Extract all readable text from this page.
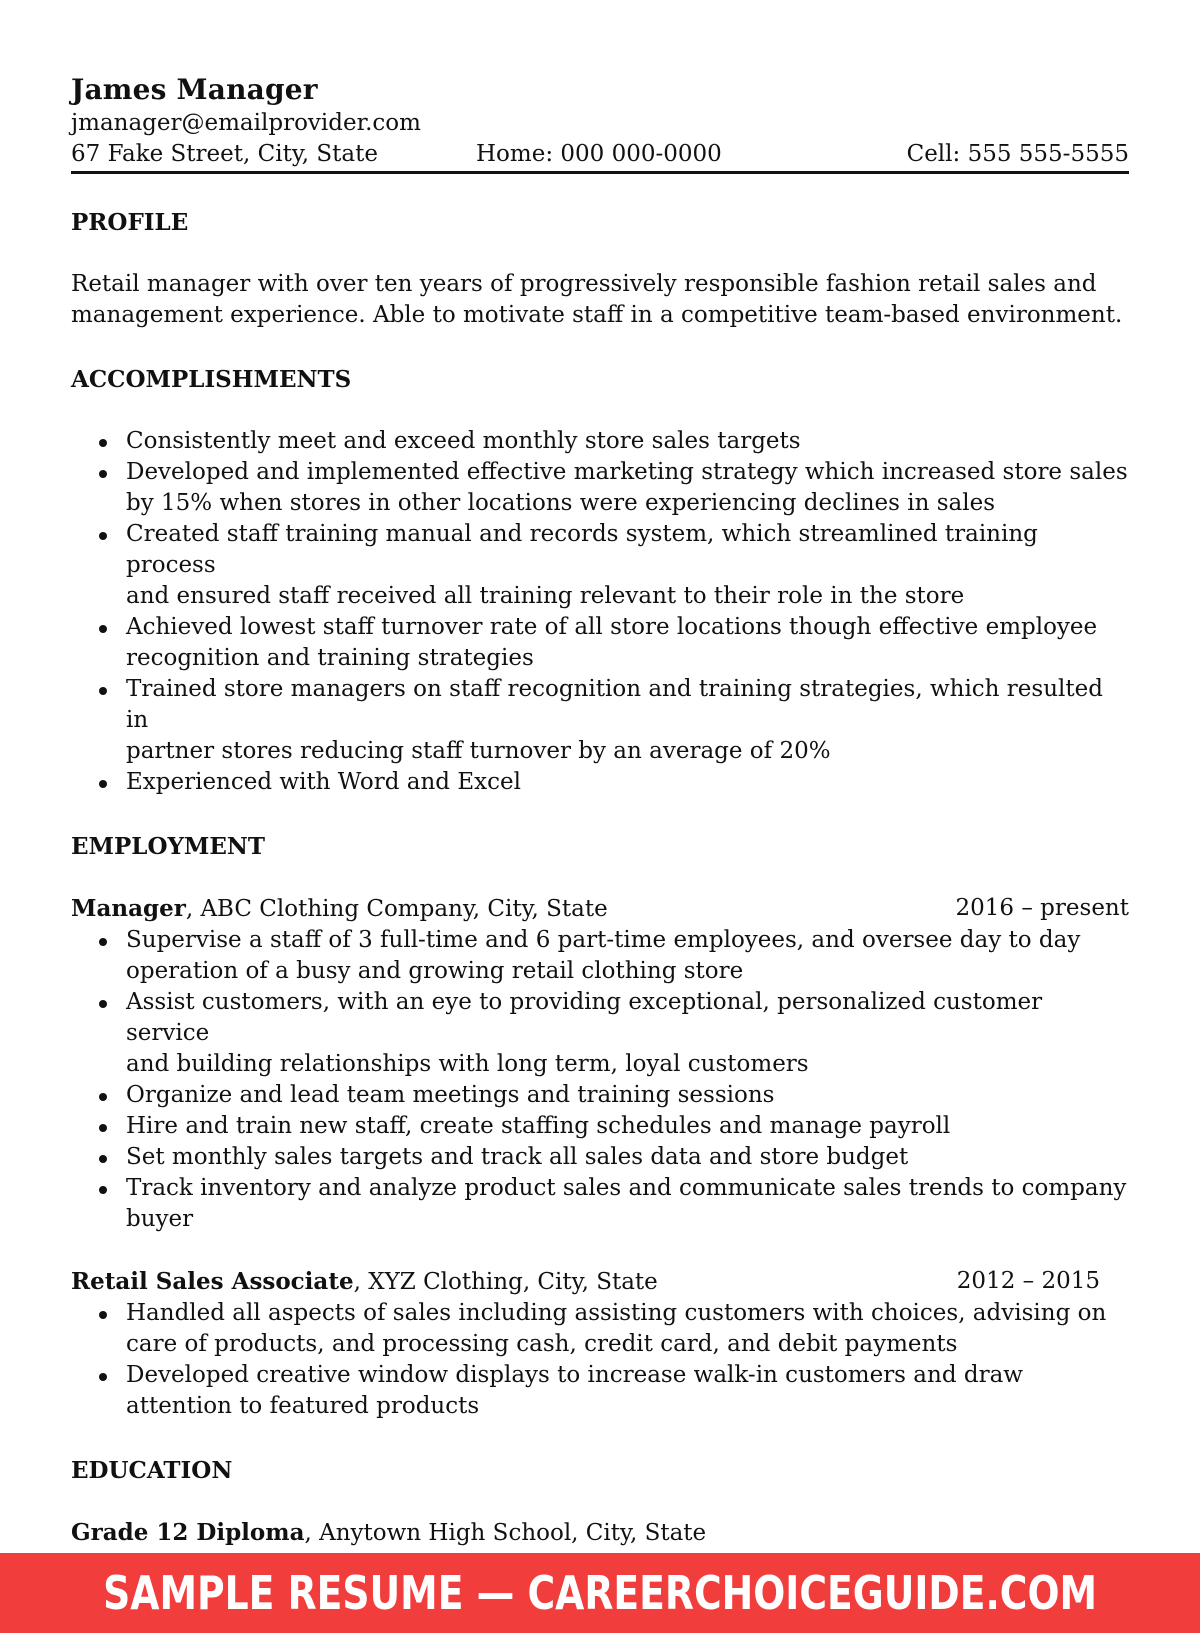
James Manager
jmanager@emailprovider.com
67 Fake Street, City, State	Home: 000 000-0000	Cell: 555 555-5555
PROFILE
Retail manager with over ten years of progressively responsible fashion retail sales and
management experience. Able to motivate staff in a competitive team-based environment.
ACCOMPLISHMENTS
Consistently meet and exceed monthly store sales targets
Developed and implemented effective marketing strategy which increased store sales
by 15% when stores in other locations were experiencing declines in sales
Created staff training manual and records system, which streamlined training process
and ensured staff received all training relevant to their role in the store
Achieved lowest staff turnover rate of all store locations though effective employee
recognition and training strategies
Trained store managers on staff recognition and training strategies, which resulted in
partner stores reducing staff turnover by an average of 20%
Experienced with Word and Excel
EMPLOYMENT
Manager, ABC Clothing Company, City, State	2016 – present
Supervise a staff of 3 full-time and 6 part-time employees, and oversee day to day
operation of a busy and growing retail clothing store
Assist customers, with an eye to providing exceptional, personalized customer service
and building relationships with long term, loyal customers
Organize and lead team meetings and training sessions
Hire and train new staff, create staffing schedules and manage payroll
Set monthly sales targets and track all sales data and store budget
Track inventory and analyze product sales and communicate sales trends to company
buyer
Retail Sales Associate, XYZ Clothing, City, State	2012 – 2015
Handled all aspects of sales including assisting customers with choices, advising on
care of products, and processing cash, credit card, and debit payments
Developed creative window displays to increase walk-in customers and draw
attention to featured products
EDUCATION
Grade 12 Diploma, Anytown High School, City, State
SAMPLE RESUME — CAREERCHOICEGUIDE.COM
